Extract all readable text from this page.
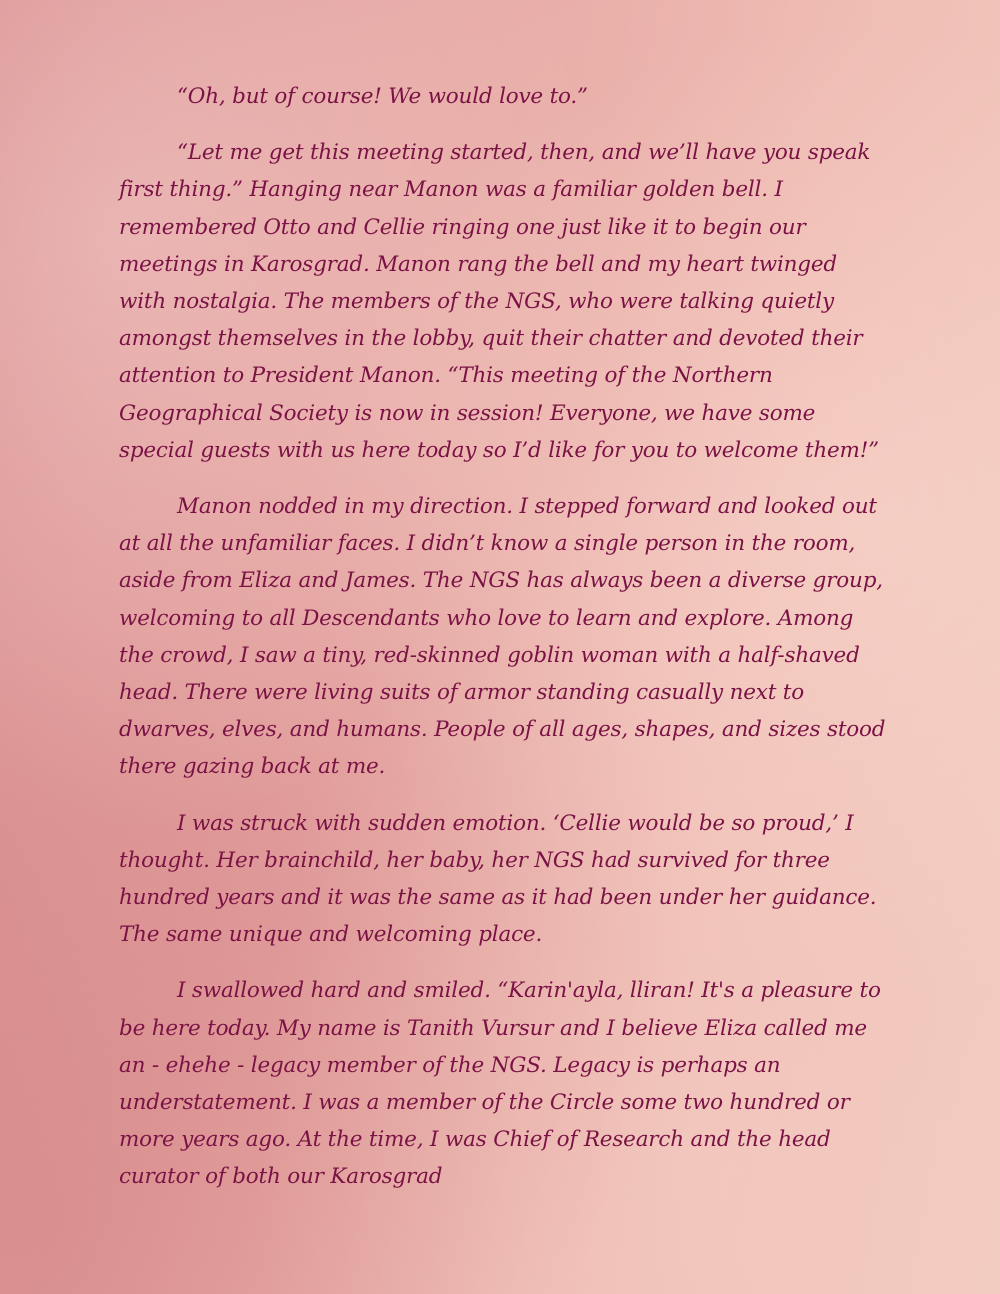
“Oh, but of course! We would love to.”

“Let me get this meeting started, then, and we’ll have you speak first thing.” Hanging near Manon was a familiar golden bell. I remembered Otto and Cellie ringing one just like it to begin our meetings in Karosgrad. Manon rang the bell and my heart twinged with nostalgia. The members of the NGS, who were talking quietly amongst themselves in the lobby, quit their chatter and devoted their attention to President Manon. “This meeting of the Northern Geographical Society is now in session! Everyone, we have some special guests with us here today so I’d like for you to welcome them!”

Manon nodded in my direction. I stepped forward and looked out at all the unfamiliar faces. I didn’t know a single person in the room, aside from Eliza and James. The NGS has always been a diverse group, welcoming to all Descendants who love to learn and explore. Among the crowd, I saw a tiny, red-skinned goblin woman with a half-shaved head. There were living suits of armor standing casually next to dwarves, elves, and humans. People of all ages, shapes, and sizes stood there gazing back at me.

I was struck with sudden emotion. ‘Cellie would be so proud,’ I thought. Her brainchild, her baby, her NGS had survived for three hundred years and it was the same as it had been under her guidance. The same unique and welcoming place.

I swallowed hard and smiled. “Karin'ayla, lliran! It's a pleasure to be here today. My name is Tanith Vursur and I believe Eliza called me an - ehehe - legacy member of the NGS. Legacy is perhaps an understatement. I was a member of the Circle some two hundred or more years ago. At the time, I was Chief of Research and the head curator of both our Karosgrad
